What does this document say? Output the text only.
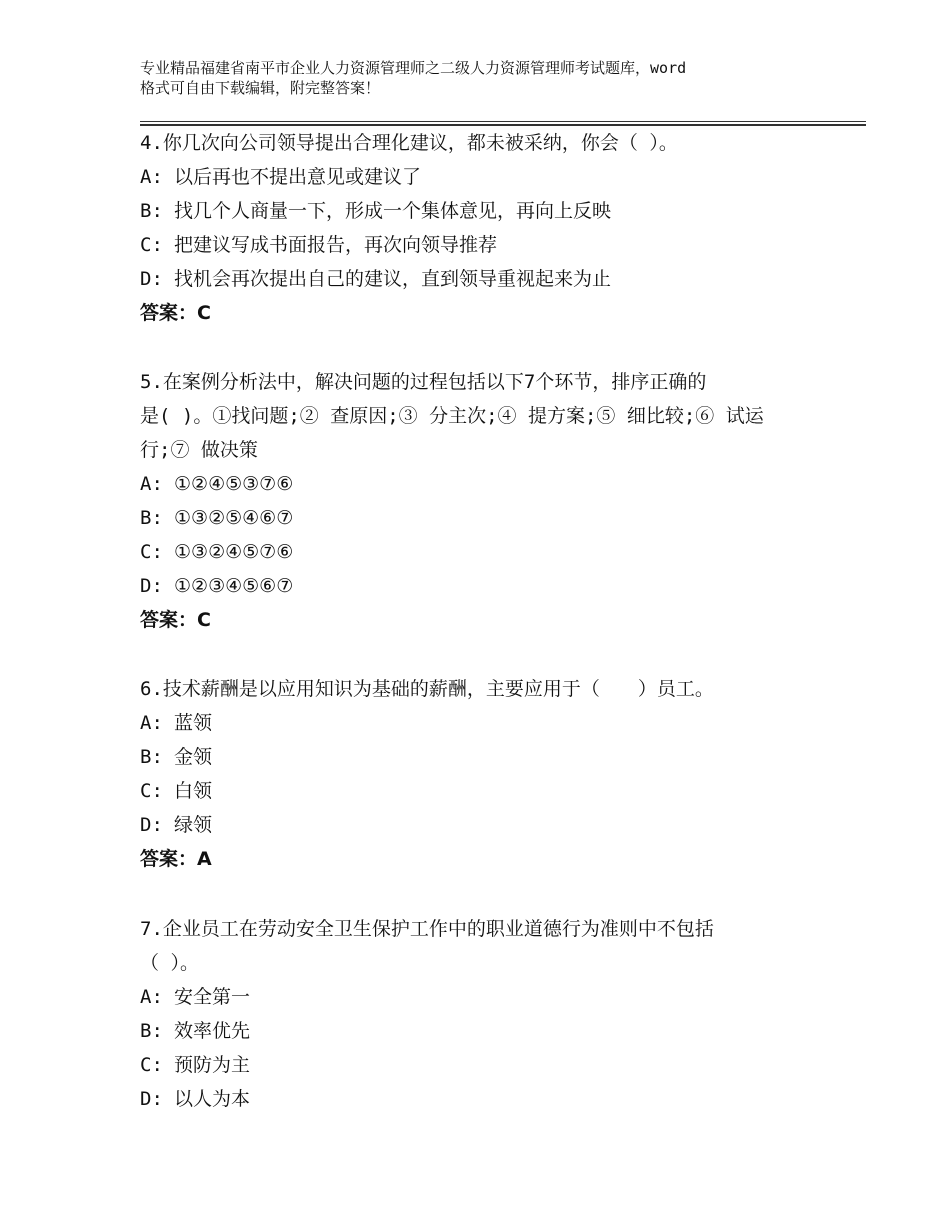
专业精品福建省南平市企业人力资源管理师之二级人力资源管理师考试题库，word
格式可自由下载编辑，附完整答案！
4.你几次向公司领导提出合理化建议，都未被采纳，你会（ ）。
A: 以后再也不提出意见或建议了
B: 找几个人商量一下，形成一个集体意见，再向上反映
C: 把建议写成书面报告，再次向领导推荐
D: 找机会再次提出自己的建议，直到领导重视起来为止
答案：C
5.在案例分析法中，解决问题的过程包括以下7个环节，排序正确的
是( )。①找问题;② 查原因;③ 分主次;④ 提方案;⑤ 细比较;⑥ 试运
行;⑦ 做决策
A: ①②④⑤③⑦⑥
B: ①③②⑤④⑥⑦
C: ①③②④⑤⑦⑥
D: ①②③④⑤⑥⑦
答案：C
6.技术薪酬是以应用知识为基础的薪酬，主要应用于（　　）员工。
A: 蓝领
B: 金领
C: 白领
D: 绿领
答案：A
7.企业员工在劳动安全卫生保护工作中的职业道德行为准则中不包括
（ ）。
A: 安全第一
B: 效率优先
C: 预防为主
D: 以人为本
